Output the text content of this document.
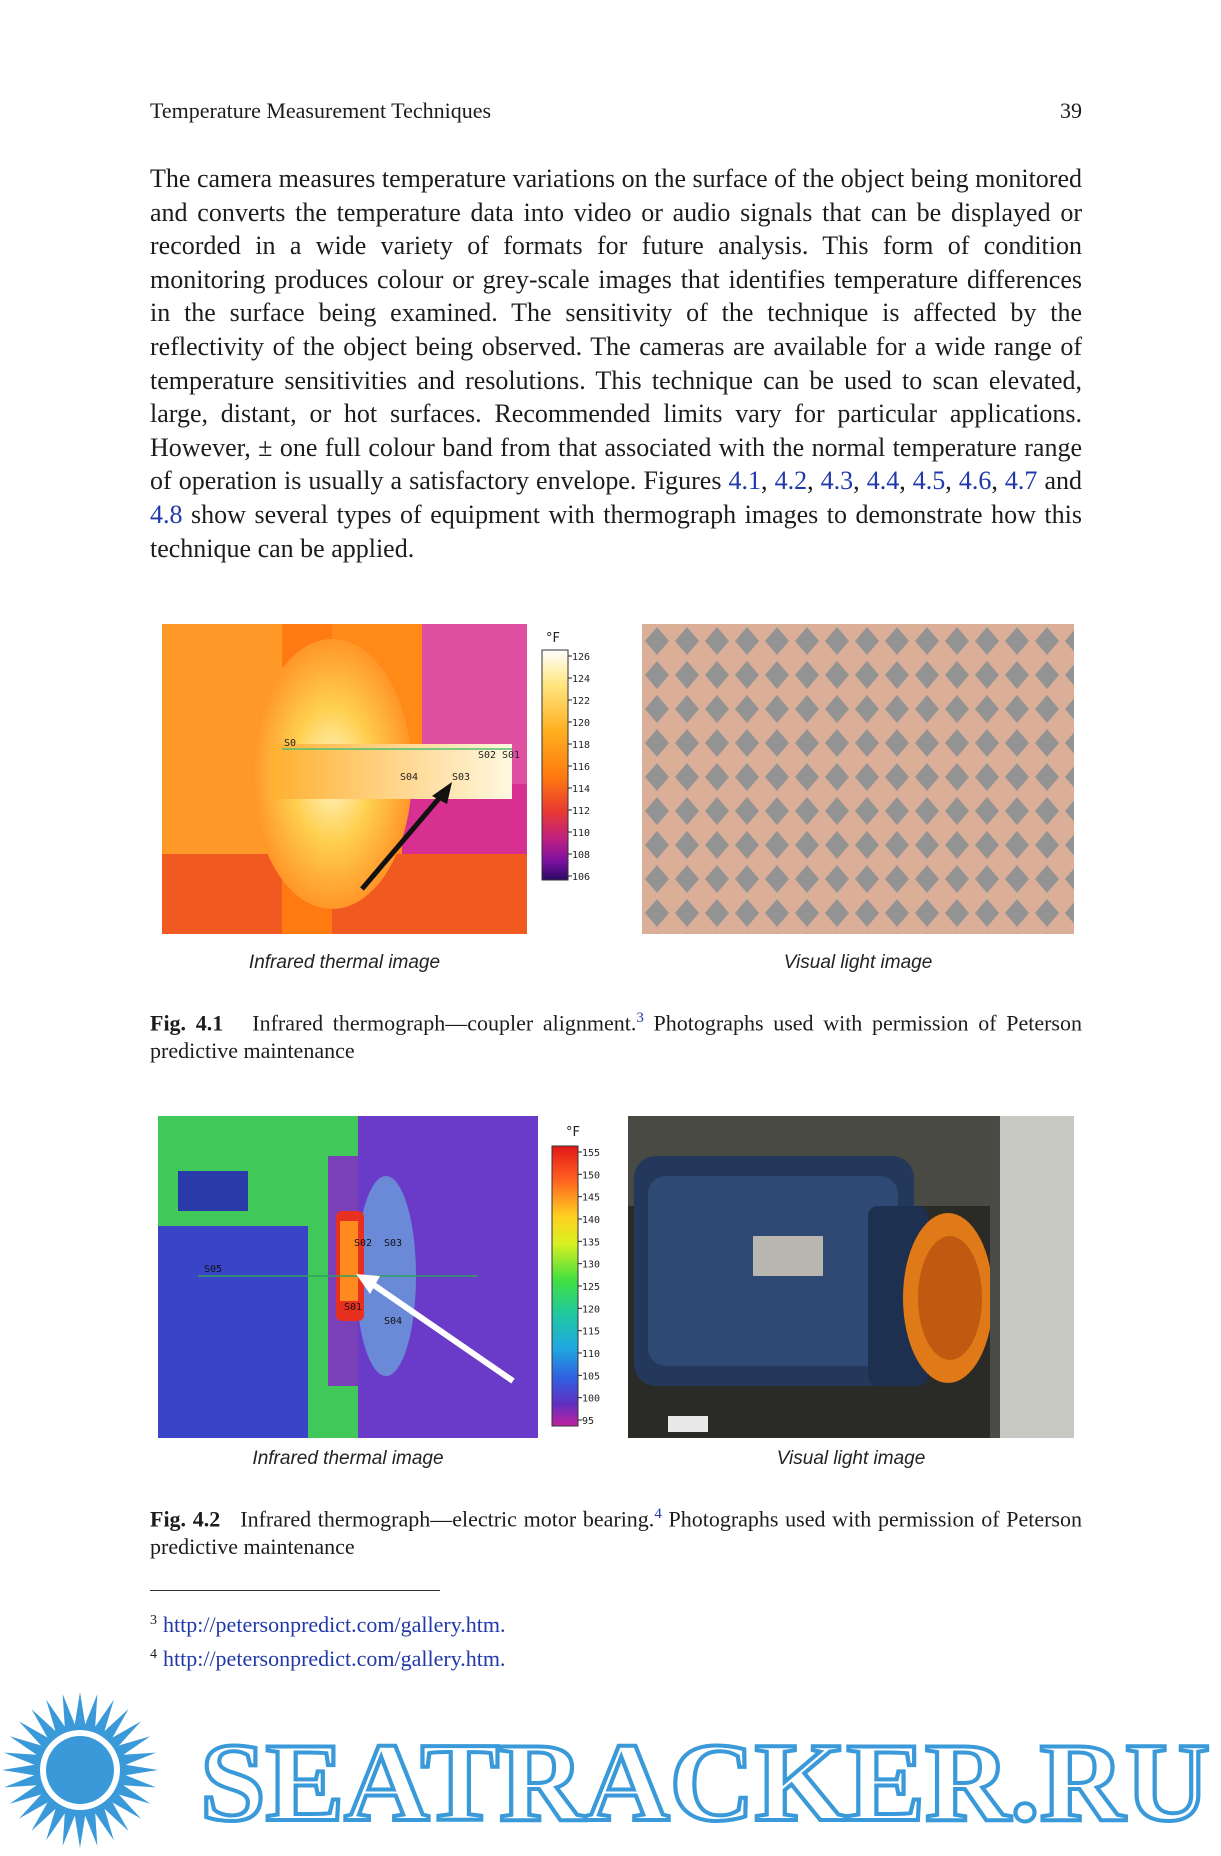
Temperature Measurement Techniques	39

The camera measures temperature variations on the surface of the object being monitored and converts the temperature data into video or audio signals that can be displayed or recorded in a wide variety of formats for future analysis. This form of condition monitoring produces colour or grey-scale images that identifies temperature differences in the surface being examined. The sensitivity of the technique is affected by the reflectivity of the object being observed. The cameras are available for a wide range of temperature sensitivities and resolutions. This technique can be used to scan elevated, large, distant, or hot surfaces. Recommended limits vary for particular applications. However, ± one full colour band from that associated with the normal temperature range of operation is usually a satisfactory envelope. Figures 4.1, 4.2, 4.3, 4.4, 4.5, 4.6, 4.7 and 4.8 show several types of equipment with thermograph images to demonstrate how this technique can be applied.

S02 S01
S04	S03
S0
°F
126
124
122
120
118
116
114
112
110
108
106
Infrared thermal image	Visual light image
Fig. 4.1 Infrared thermograph—coupler alignment.$^3$ Photographs used with permission of Peterson predictive maintenance
S02 S03
S05
S01
S04
°F
155
150
145
140
135
130
125
120
115
110
105
100
95
Infrared thermal image	Visual light image
Fig. 4.2 Infrared thermograph—electric motor bearing.$^4$ Photographs used with permission of Peterson predictive maintenance
$^3$ http://petersonpredict.com/gallery.htm.
$^4$ http://petersonpredict.com/gallery.htm.
SEATRACKER.RU
